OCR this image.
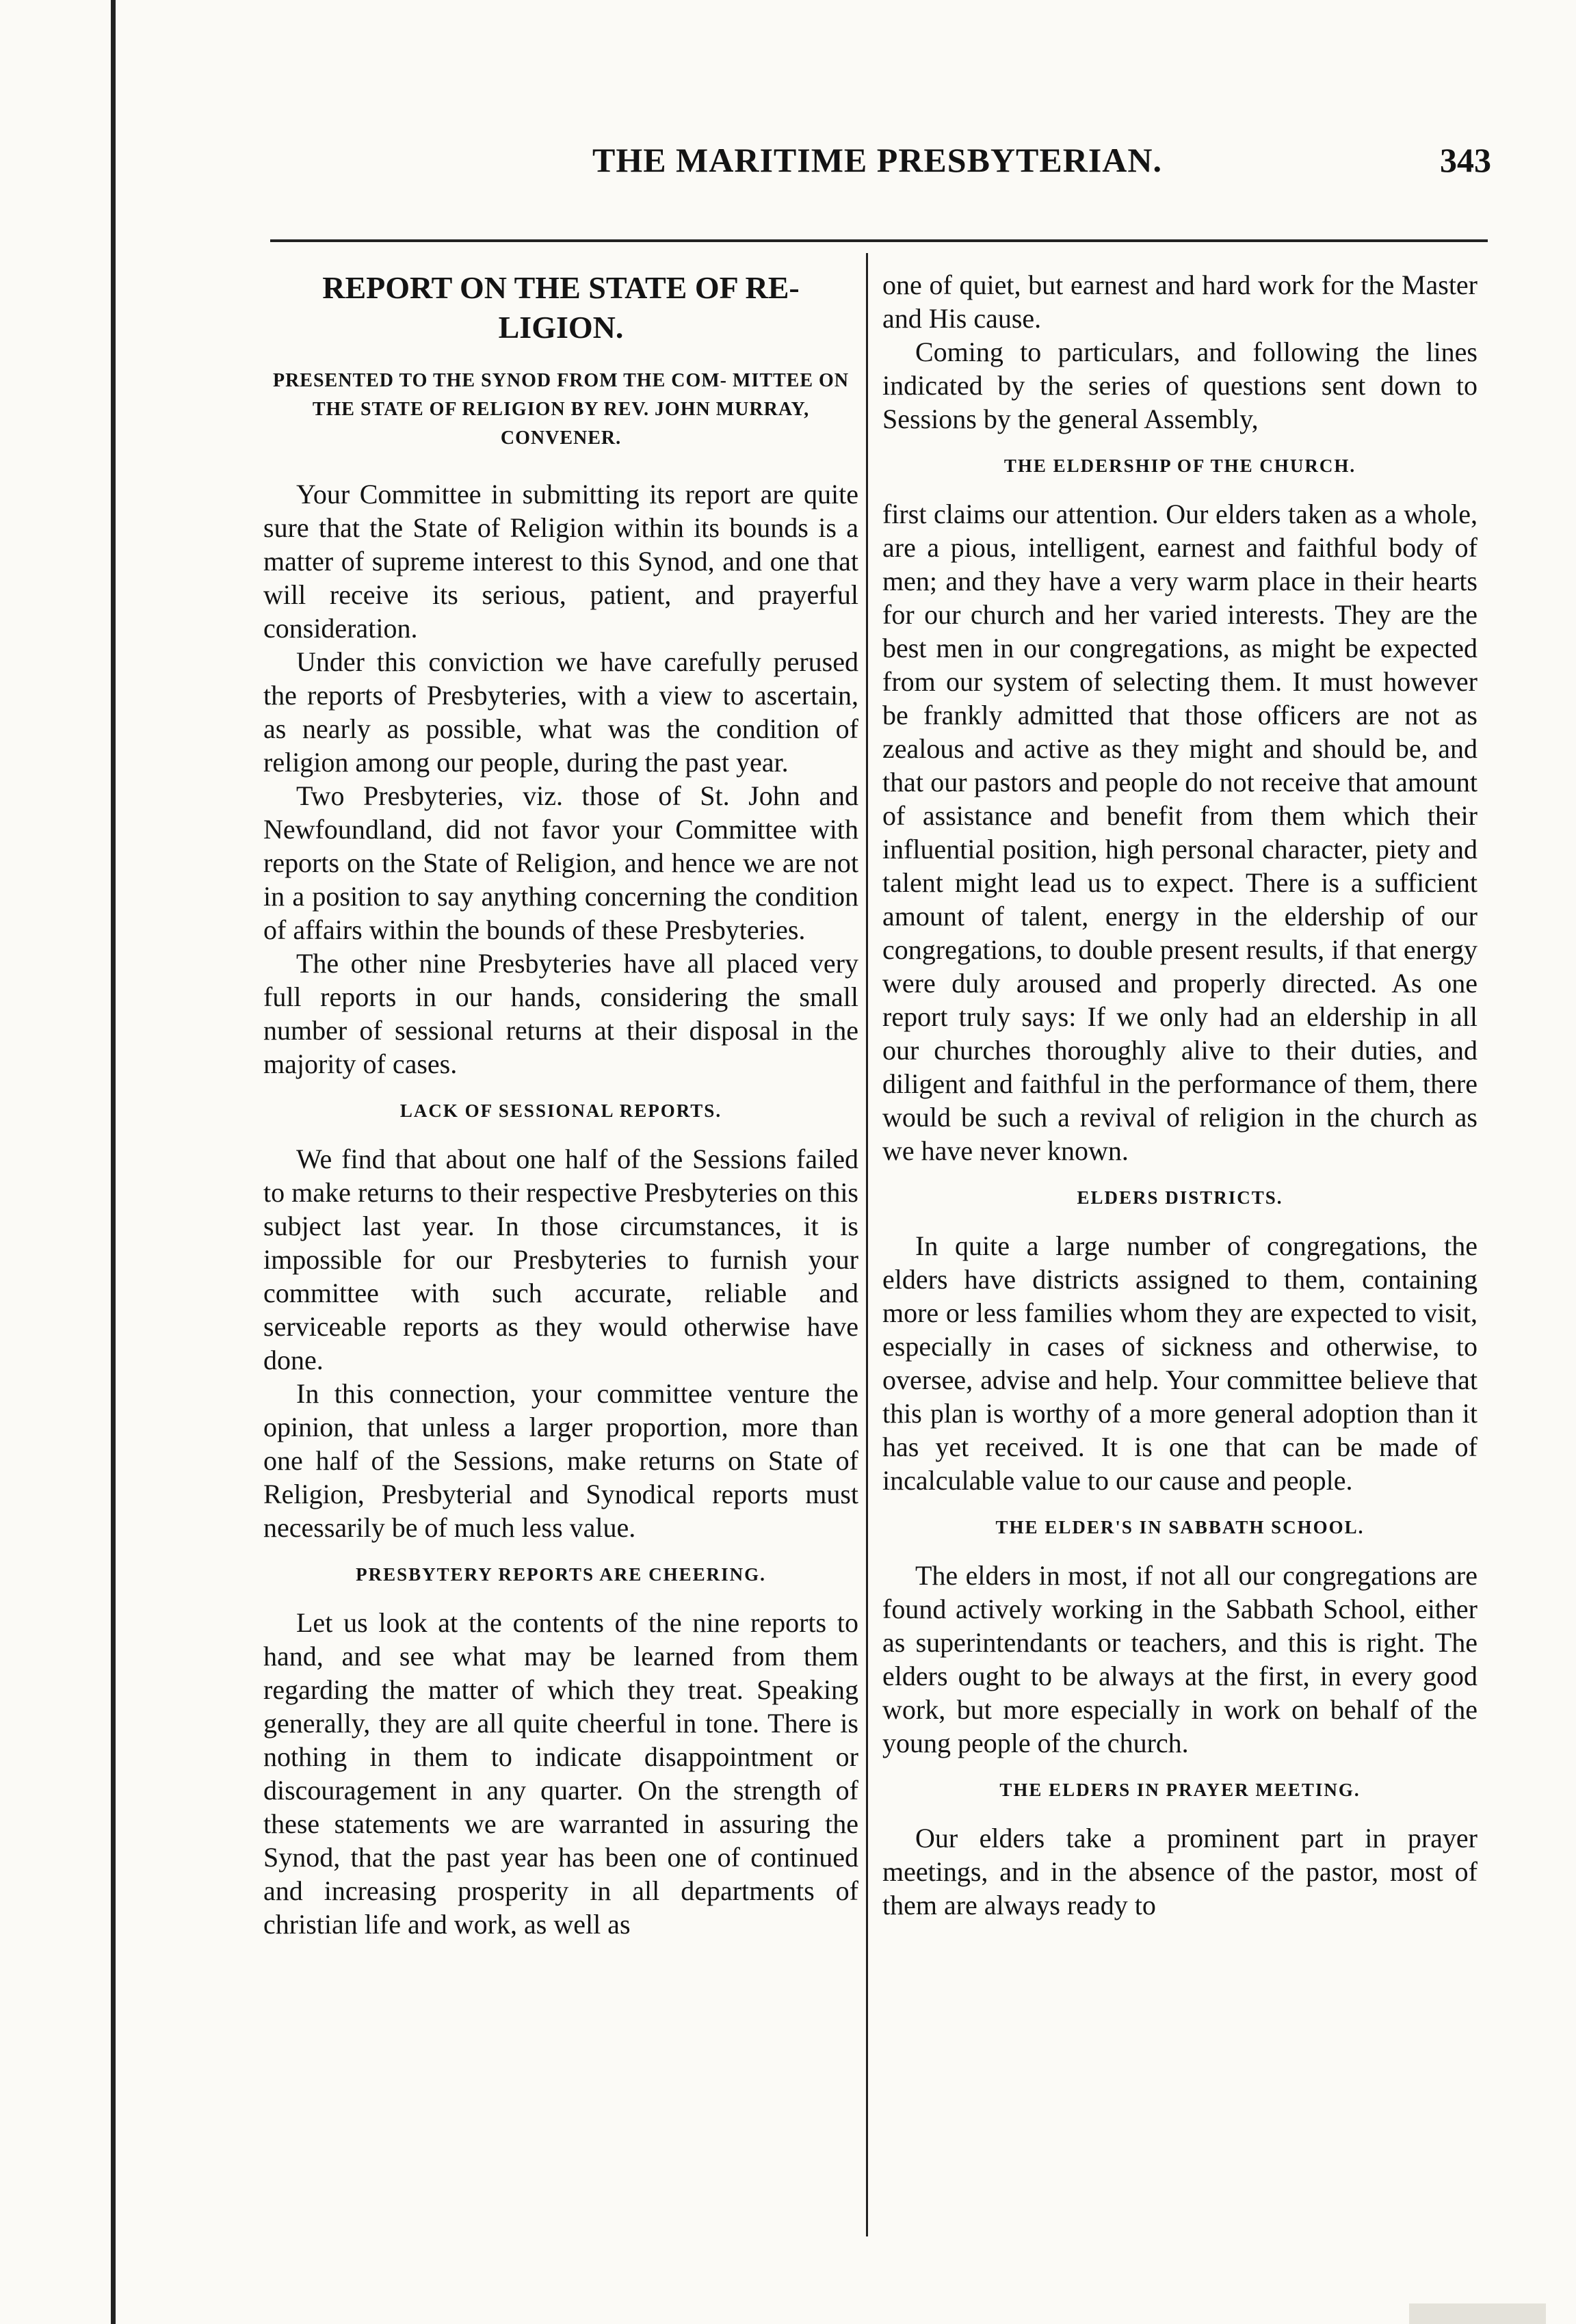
THE MARITIME PRESBYTERIAN.	343
REPORT ON THE STATE OF RE- LIGION.
PRESENTED TO THE SYNOD FROM THE COM- MITTEE ON THE STATE OF RELIGION BY REV. JOHN MURRAY, CONVENER.

Your Committee in submitting its report are quite sure that the State of Religion within its bounds is a matter of supreme interest to this Synod, and one that will receive its serious, patient, and prayerful consideration.

Under this conviction we have carefully perused the reports of Presbyteries, with a view to ascertain, as nearly as possible, what was the condition of religion among our people, during the past year.

Two Presbyteries, viz. those of St. John and Newfoundland, did not favor your Committee with reports on the State of Religion, and hence we are not in a position to say anything concerning the condition of affairs within the bounds of these Presbyteries.

The other nine Presbyteries have all placed very full reports in our hands, considering the small number of sessional returns at their disposal in the majority of cases.

LACK OF SESSIONAL REPORTS.

We find that about one half of the Sessions failed to make returns to their respective Presbyteries on this subject last year. In those circumstances, it is impossible for our Presbyteries to furnish your committee with such accurate, reliable and serviceable reports as they would otherwise have done.

In this connection, your committee venture the opinion, that unless a larger proportion, more than one half of the Sessions, make returns on State of Religion, Presbyterial and Synodical reports must necessarily be of much less value.

PRESBYTERY REPORTS ARE CHEERING.

Let us look at the contents of the nine reports to hand, and see what may be learned from them regarding the matter of which they treat. Speaking generally, they are all quite cheerful in tone. There is nothing in them to indicate disappointment or discouragement in any quarter. On the strength of these statements we are warranted in assuring the Synod, that the past year has been one of continued and increasing prosperity in all departments of christian life and work, as well as

one of quiet, but earnest and hard work for the Master and His cause.

Coming to particulars, and following the lines indicated by the series of questions sent down to Sessions by the general Assembly,

THE ELDERSHIP OF THE CHURCH.

first claims our attention. Our elders taken as a whole, are a pious, intelligent, earnest and faithful body of men; and they have a very warm place in their hearts for our church and her varied interests. They are the best men in our congregations, as might be expected from our system of selecting them. It must however be frankly admitted that those officers are not as zealous and active as they might and should be, and that our pastors and people do not receive that amount of assistance and benefit from them which their influential position, high personal character, piety and talent might lead us to expect. There is a sufficient amount of talent, energy in the eldership of our congregations, to double present results, if that energy were duly aroused and properly directed. As one report truly says: If we only had an eldership in all our churches thoroughly alive to their duties, and diligent and faithful in the performance of them, there would be such a revival of religion in the church as we have never known.

ELDERS DISTRICTS.

In quite a large number of congregations, the elders have districts assigned to them, containing more or less families whom they are expected to visit, especially in cases of sickness and otherwise, to oversee, advise and help. Your committee believe that this plan is worthy of a more general adoption than it has yet received. It is one that can be made of incalculable value to our cause and people.

THE ELDER'S IN SABBATH SCHOOL.

The elders in most, if not all our congregations are found actively working in the Sabbath School, either as superintendants or teachers, and this is right. The elders ought to be always at the first, in every good work, but more especially in work on behalf of the young people of the church.

THE ELDERS IN PRAYER MEETING.

Our elders take a prominent part in prayer meetings, and in the absence of the pastor, most of them are always ready to
